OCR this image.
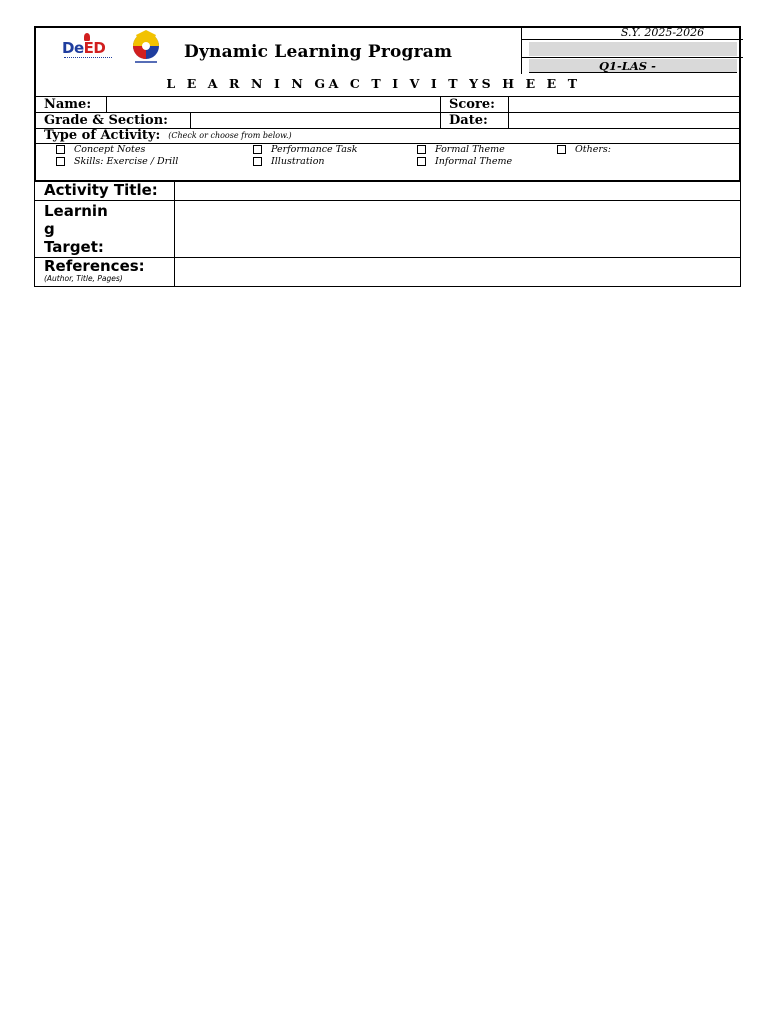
DeED	Dynamic Learning Program
L E A R N I N GA C T I V I T YS H E E T
S.Y. 2025-2026
Q1-LAS -
Name:	Score:
Grade & Section:	Date:
Type of Activity: (Check or choose from below.)
Concept Notes	Performance Task	Formal Theme	Others:
Skills: Exercise / Drill	Illustration	Informal Theme
Activity Title:
Learnin
g
Target:
References:
(Author, Title, Pages)
